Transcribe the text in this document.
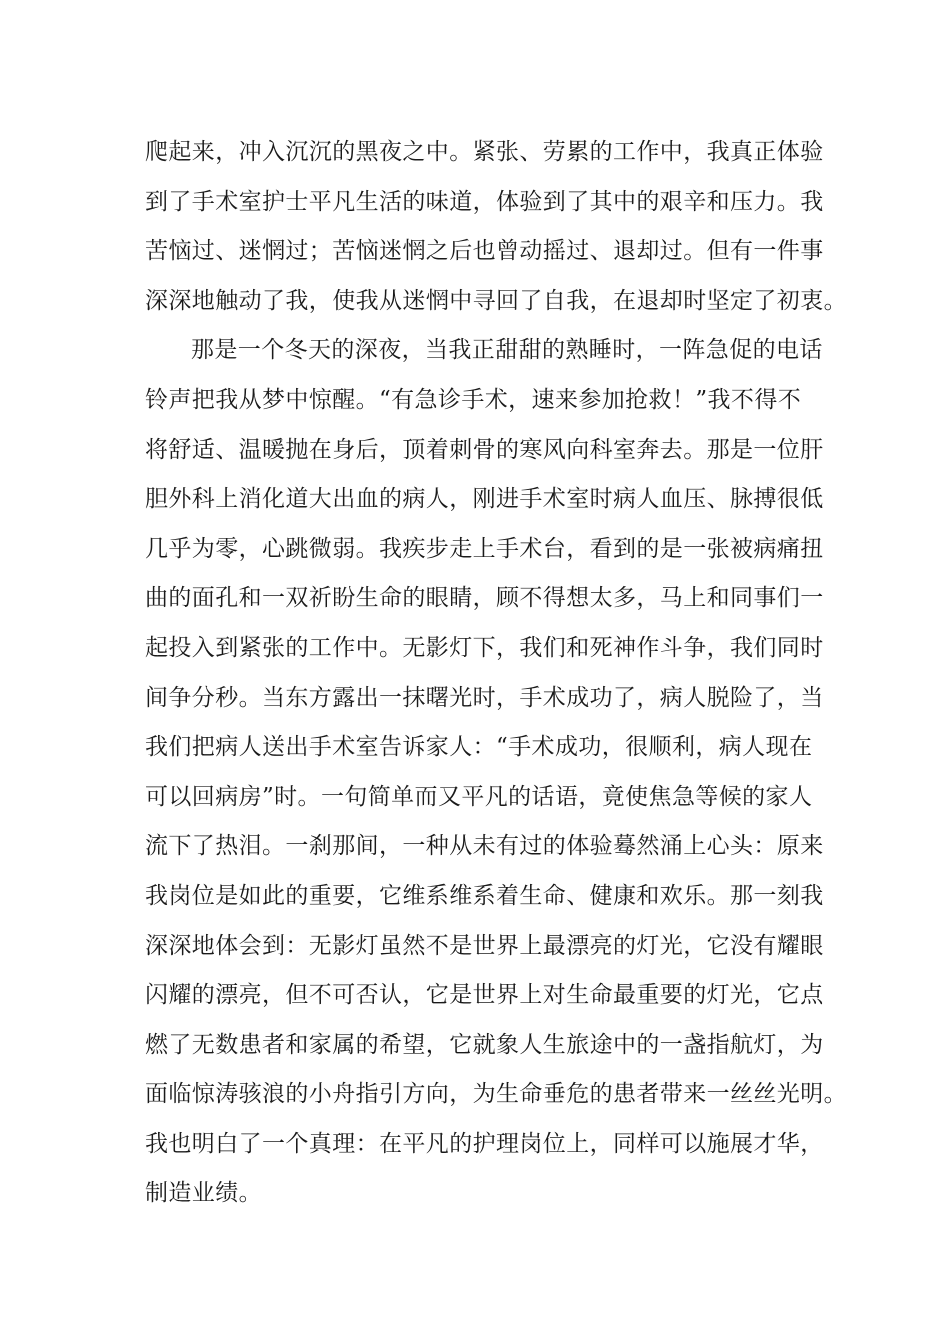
爬起来，冲入沉沉的黑夜之中。紧张、劳累的工作中，我真正体验
到了手术室护士平凡生活的味道，体验到了其中的艰辛和压力。我
苦恼过、迷惘过；苦恼迷惘之后也曾动摇过、退却过。但有一件事
深深地触动了我，使我从迷惘中寻回了自我，在退却时坚定了初衷。
那是一个冬天的深夜，当我正甜甜的熟睡时，一阵急促的电话
铃声把我从梦中惊醒。“有急诊手术，速来参加抢救！”我不得不
将舒适、温暖抛在身后，顶着刺骨的寒风向科室奔去。那是一位肝
胆外科上消化道大出血的病人，刚进手术室时病人血压、脉搏很低
几乎为零，心跳微弱。我疾步走上手术台，看到的是一张被病痛扭
曲的面孔和一双祈盼生命的眼睛，顾不得想太多，马上和同事们一
起投入到紧张的工作中。无影灯下，我们和死神作斗争，我们同时
间争分秒。当东方露出一抹曙光时，手术成功了，病人脱险了，当
我们把病人送出手术室告诉家人：“手术成功，很顺利，病人现在
可以回病房”时。一句简单而又平凡的话语，竟使焦急等候的家人
流下了热泪。一刹那间，一种从未有过的体验蓦然涌上心头：原来
我岗位是如此的重要，它维系维系着生命、健康和欢乐。那一刻我
深深地体会到：无影灯虽然不是世界上最漂亮的灯光，它没有耀眼
闪耀的漂亮，但不可否认，它是世界上对生命最重要的灯光，它点
燃了无数患者和家属的希望，它就象人生旅途中的一盏指航灯，为
面临惊涛骇浪的小舟指引方向，为生命垂危的患者带来一丝丝光明。
我也明白了一个真理：在平凡的护理岗位上，同样可以施展才华，
制造业绩。
